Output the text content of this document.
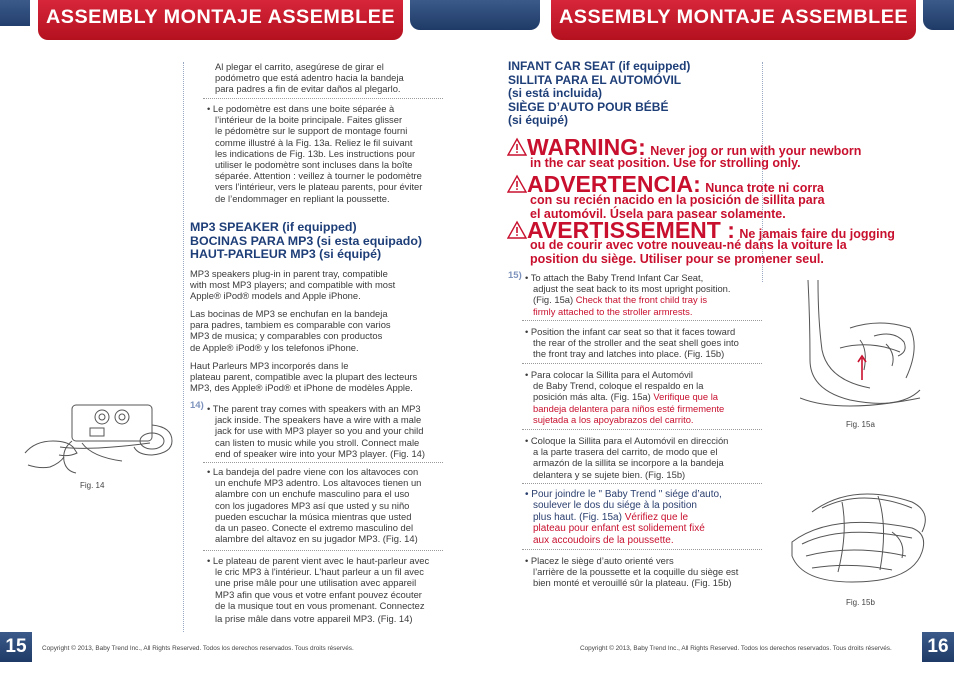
ASSEMBLY MONTAJE ASSEMBLEE	ASSEMBLY MONTAJE ASSEMBLEE
Al plegar el carrito, asegúrese de girar el
podómetro que está adentro hacia la bandeja
para padres a fin de evitar daños al plegarlo.
• Le podomètre est dans une boite séparée à
l’intérieur de la boite principale. Faites glisser
le pédomètre sur le support de montage fourni
comme illustré à la Fig. 13a. Reliez le fil suivant
les indications de Fig. 13b. Les instructions pour
utiliser le podomètre sont incluses dans la boîte
séparée. Attention : veillez à tourner le podomètre
vers l’intérieur, vers le plateau parents, pour éviter
de l’endommager en repliant la poussette.
MP3 SPEAKER (if equipped)
BOCINAS PARA MP3 (si esta equipado)
HAUT-PARLEUR MP3 (si équipé)
MP3 speakers plug-in in parent tray, compatible
with most MP3 players; and compatible with most
Apple® iPod® models and Apple iPhone.
Las bocinas de MP3 se enchufan en la bandeja
para padres, tambiem es comparable con varios
MP3 de musica; y comparables con productos
de Apple® iPod® y los telefonos iPhone.
Haut Parleurs MP3 incorporés dans le
plateau parent, compatible avec la plupart des lecteurs
MP3, des Apple® iPod® et iPhone de modèles Apple.
14) • The parent tray comes with speakers with an MP3
jack inside. The speakers have a wire with a male
jack for use with MP3 player so you and your child
can listen to music while you stroll. Connect male
end of speaker wire into your MP3 player. (Fig. 14)
• La bandeja del padre viene con los altavoces con
un enchufe MP3 adentro. Los altavoces tienen un
alambre con un enchufe masculino para el uso
con los jugadores MP3 así que usted y su niño
pueden escuchar la música mientras que usted
da un paseo. Conecte el extremo masculino del
alambre del altavoz en su jugador MP3. (Fig. 14)
• Le plateau de parent vient avec le haut-parleur avec
le cric MP3 à l'intérieur. L'haut parleur a un fil avec
une prise mâle pour une utilisation avec appareil
MP3 afin que vous et votre enfant pouvez écouter
de la musique tout en vous promenant. Connectez
la prise mâle dans votre appareil MP3. (Fig. 14)
Fig. 14
15	Copyright © 2013, Baby Trend Inc., All Rights Reserved. Todos los derechos reservados. Tous droits réservés.
INFANT CAR SEAT (if equipped)
SILLITA PARA EL AUTOMÓVIL
(si está incluida)
SIÈGE D’AUTO POUR BÉBÉ
(si équipé)
WARNING: Never jog or run with your newborn
in the car seat position. Use for strolling only.
ADVERTENCIA: Nunca trote ni corra
con su recién nacido en la posición de sillita para
el automóvil. Úsela para pasear solamente.
AVERTISSEMENT : Ne jamais faire du jogging
ou de courir avec votre nouveau-né dans la voiture la
position du siège. Utiliser pour se promener seul.
15) • To attach the Baby Trend Infant Car Seat,
adjust the seat back to its most upright position.
(Fig. 15a) Check that the front child tray is
firmly attached to the stroller armrests.
• Position the infant car seat so that it faces toward
the rear of the stroller and the seat shell goes into
the front tray and latches into place. (Fig. 15b)
• Para colocar la Sillita para el Automóvil
de Baby Trend, coloque el respaldo en la
posición más alta. (Fig. 15a) Verifique que la
bandeja delantera para niños esté firmemente
sujetada a los apoyabrazos del carrito.
• Coloque la Sillita para el Automóvil en dirección
a la parte trasera del carrito, de modo que el
armazón de la sillita se incorpore a la bandeja
delantera y se sujete bien. (Fig. 15b)
• Pour joindre le " Baby Trend " siége d’auto,
soulever le dos du siége à la position
plus haut. (Fig. 15a) Vérifiez que le
plateau pour enfant est solidement fixé
aux accoudoirs de la poussette.
• Placez le siège d’auto orienté vers
l’arrière de la poussette et la coquille du siège est
bien monté et verouillé sûr la plateau. (Fig. 15b)
Fig. 15a
Fig. 15b
Copyright © 2013, Baby Trend Inc., All Rights Reserved. Todos los derechos reservados. Tous droits réservés. 16
